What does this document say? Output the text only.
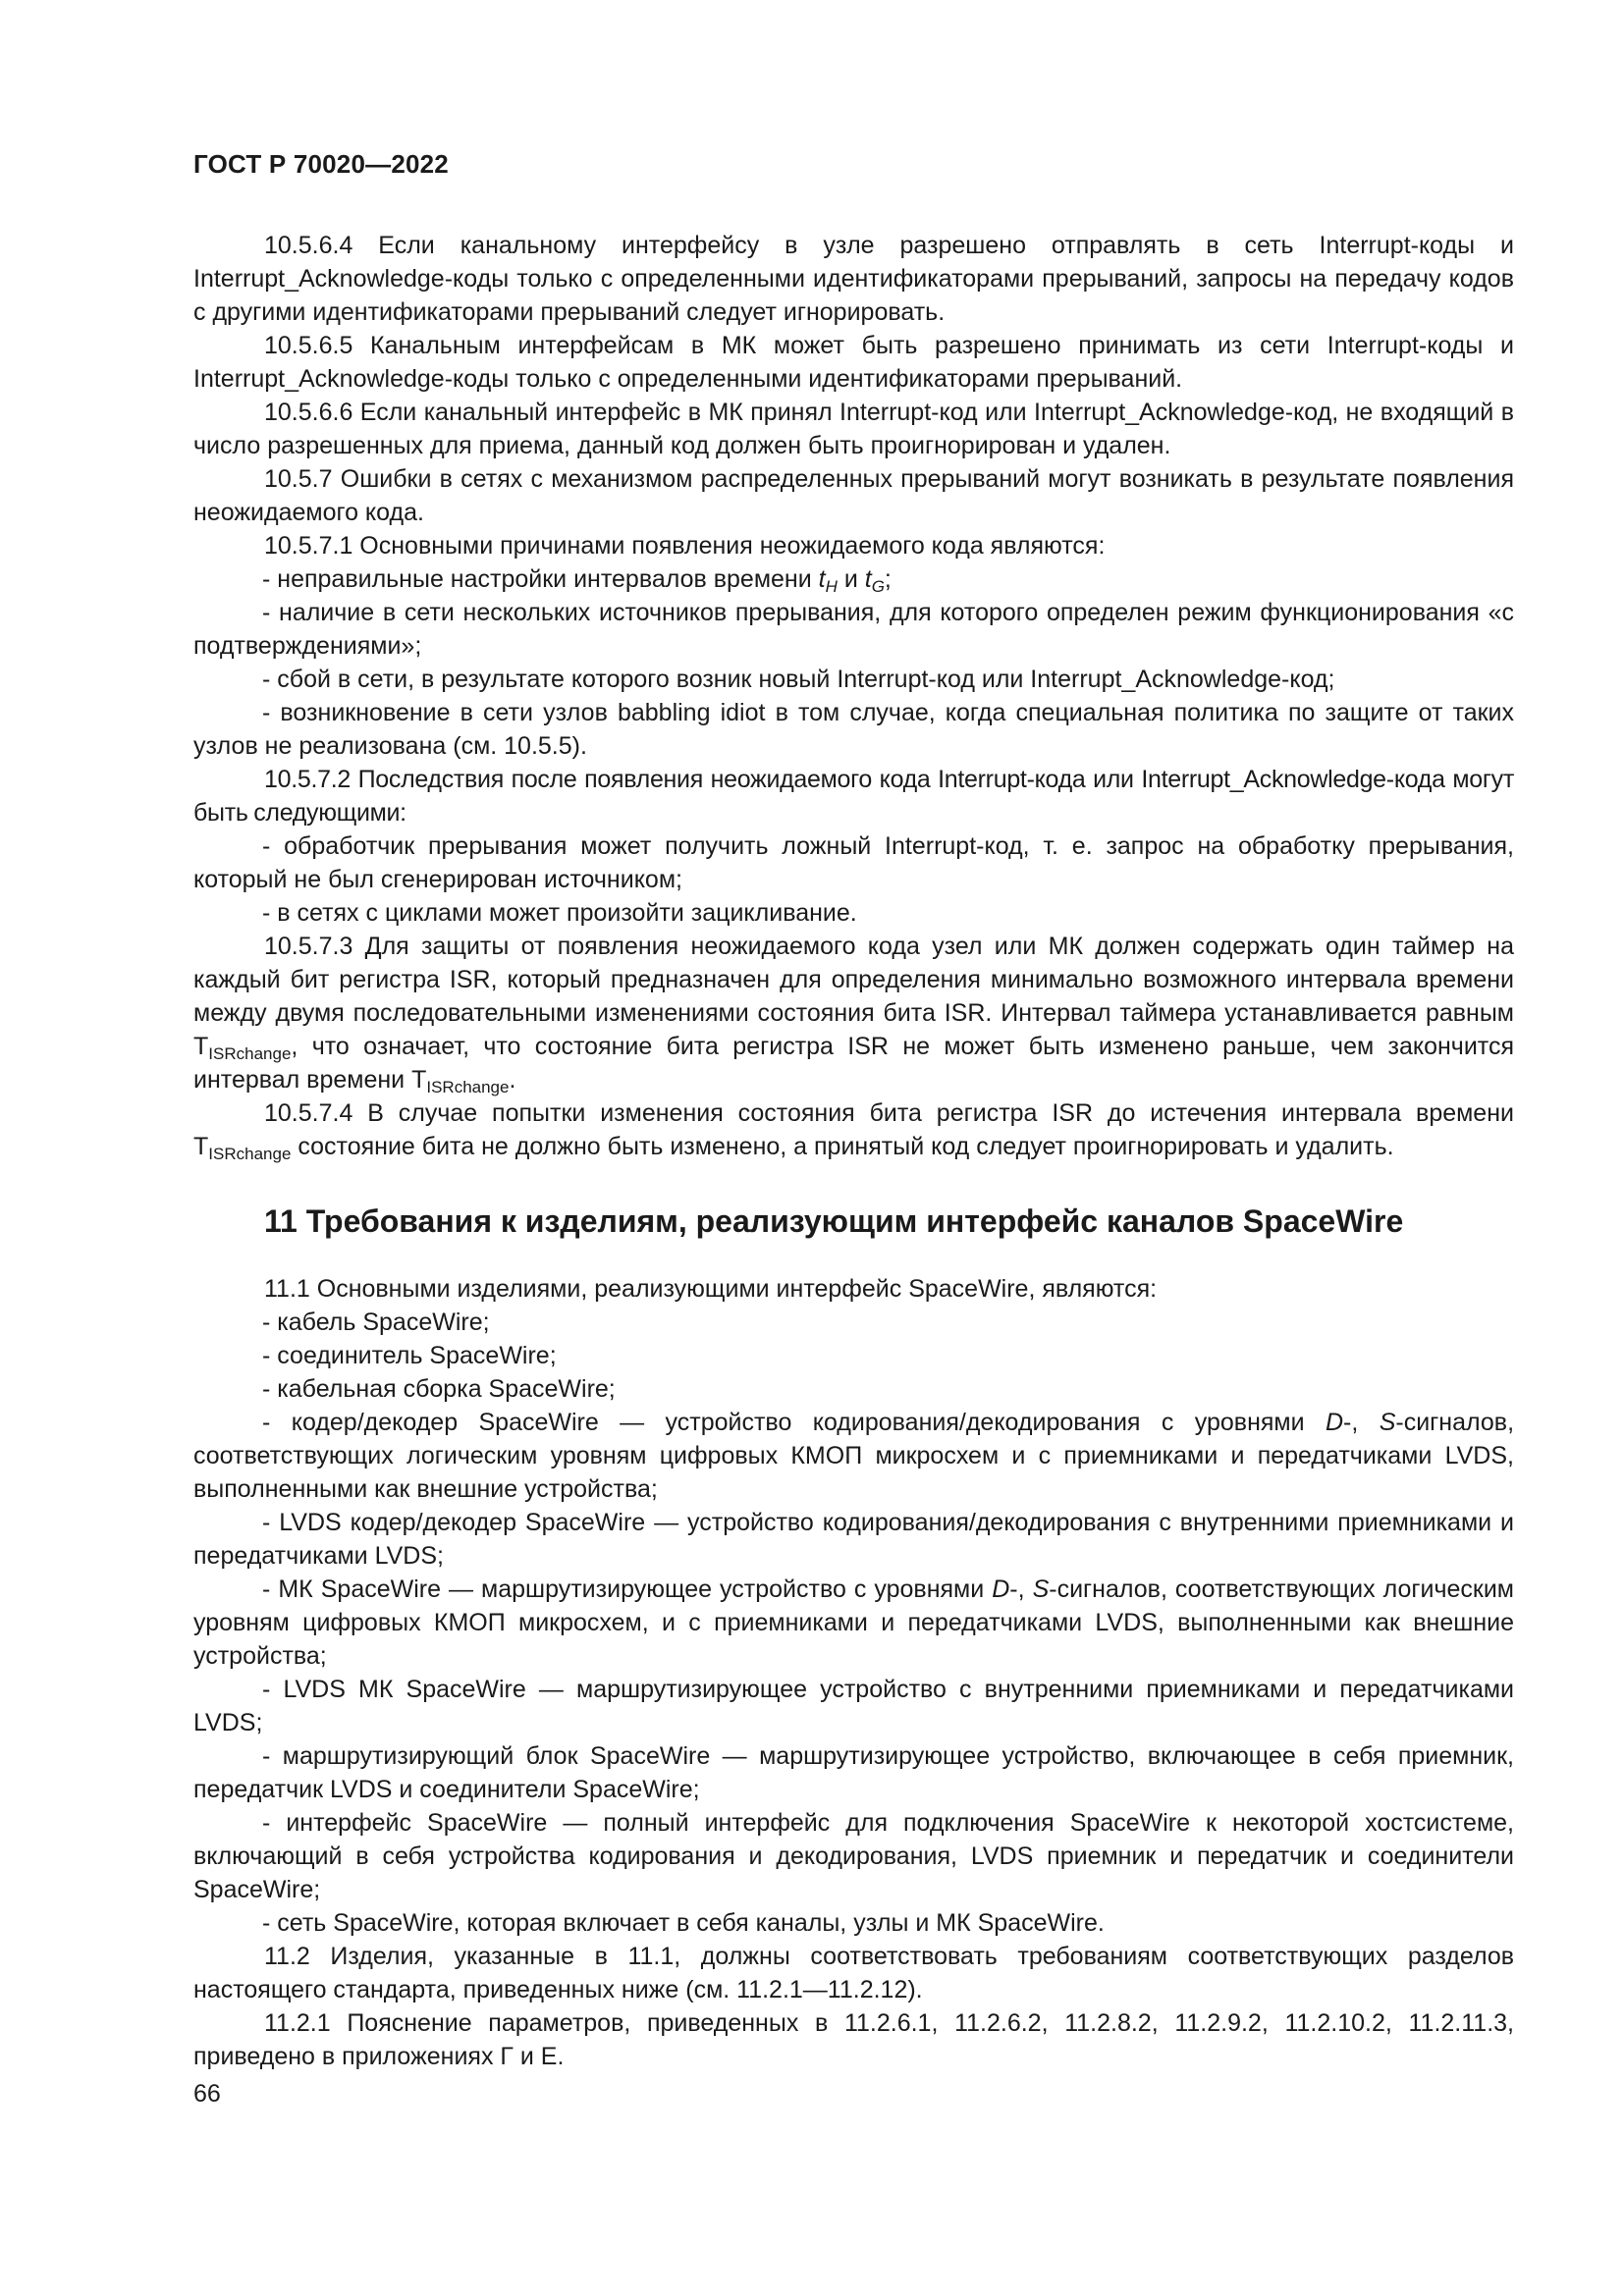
ГОСТ Р 70020—2022

10.5.6.4 Если канальному интерфейсу в узле разрешено отправлять в сеть Interrupt-коды и Interrupt_Acknowledge-коды только с определенными идентификаторами прерываний, запросы на передачу кодов с другими идентификаторами прерываний следует игнорировать.

10.5.6.5 Канальным интерфейсам в МК может быть разрешено принимать из сети Interrupt-коды и Interrupt_Acknowledge-коды только с определенными идентификаторами прерываний.

10.5.6.6 Если канальный интерфейс в МК принял Interrupt-код или Interrupt_Acknowledge-код, не входящий в число разрешенных для приема, данный код должен быть проигнорирован и удален.

10.5.7 Ошибки в сетях с механизмом распределенных прерываний могут возникать в результате появления неожидаемого кода.

10.5.7.1 Основными причинами появления неожидаемого кода являются:

- неправильные настройки интервалов времени $t_H$ и $t_G$;

- наличие в сети нескольких источников прерывания, для которого определен режим функционирования «с подтверждениями»;

- сбой в сети, в результате которого возник новый Interrupt-код или Interrupt_Acknowledge-код;

- возникновение в сети узлов babbling idiot в том случае, когда специальная политика по защите от таких узлов не реализована (см. 10.5.5).

10.5.7.2 Последствия после появления неожидаемого кода Interrupt-кода или Interrupt_Acknowledge-кода могут быть следующими:

- обработчик прерывания может получить ложный Interrupt-код, т. е. запрос на обработку прерывания, который не был сгенерирован источником;

- в сетях с циклами может произойти зацикливание.

10.5.7.3 Для защиты от появления неожидаемого кода узел или МК должен содержать один таймер на каждый бит регистра ISR, который предназначен для определения минимально возможного интервала времени между двумя последовательными изменениями состояния бита ISR. Интервал таймера устанавливается равным $T_{ISRchange}$, что означает, что состояние бита регистра ISR не может быть изменено раньше, чем закончится интервал времени $T_{ISRchange}$.

10.5.7.4 В случае попытки изменения состояния бита регистра ISR до истечения интервала времени $T_{ISRchange}$ состояние бита не должно быть изменено, а принятый код следует проигнорировать и удалить.

11 Требования к изделиям, реализующим интерфейс каналов SpaceWire

11.1 Основными изделиями, реализующими интерфейс SpaceWire, являются:

- кабель SpaceWire;

- соединитель SpaceWire;

- кабельная сборка SpaceWire;

- кодер/декодер SpaceWire — устройство кодирования/декодирования с уровнями D-, S-сигналов, соответствующих логическим уровням цифровых КМОП микросхем и с приемниками и передатчиками LVDS, выполненными как внешние устройства;

- LVDS кодер/декодер SpaceWire — устройство кодирования/декодирования с внутренними приемниками и передатчиками LVDS;

- МК SpaceWire — маршрутизирующее устройство с уровнями D-, S-сигналов, соответствующих логическим уровням цифровых КМОП микросхем, и с приемниками и передатчиками LVDS, выполненными как внешние устройства;

- LVDS МК SpaceWire — маршрутизирующее устройство с внутренними приемниками и передатчиками LVDS;

- маршрутизирующий блок SpaceWire — маршрутизирующее устройство, включающее в себя приемник, передатчик LVDS и соединители SpaceWire;

- интерфейс SpaceWire — полный интерфейс для подключения SpaceWire к некоторой хостсистеме, включающий в себя устройства кодирования и декодирования, LVDS приемник и передатчик и соединители SpaceWire;

- сеть SpaceWire, которая включает в себя каналы, узлы и МК SpaceWire.

11.2 Изделия, указанные в 11.1, должны соответствовать требованиям соответствующих разделов настоящего стандарта, приведенных ниже (см. 11.2.1—11.2.12).

11.2.1 Пояснение параметров, приведенных в 11.2.6.1, 11.2.6.2, 11.2.8.2, 11.2.9.2, 11.2.10.2, 11.2.11.3, приведено в приложениях Г и Е.

66
